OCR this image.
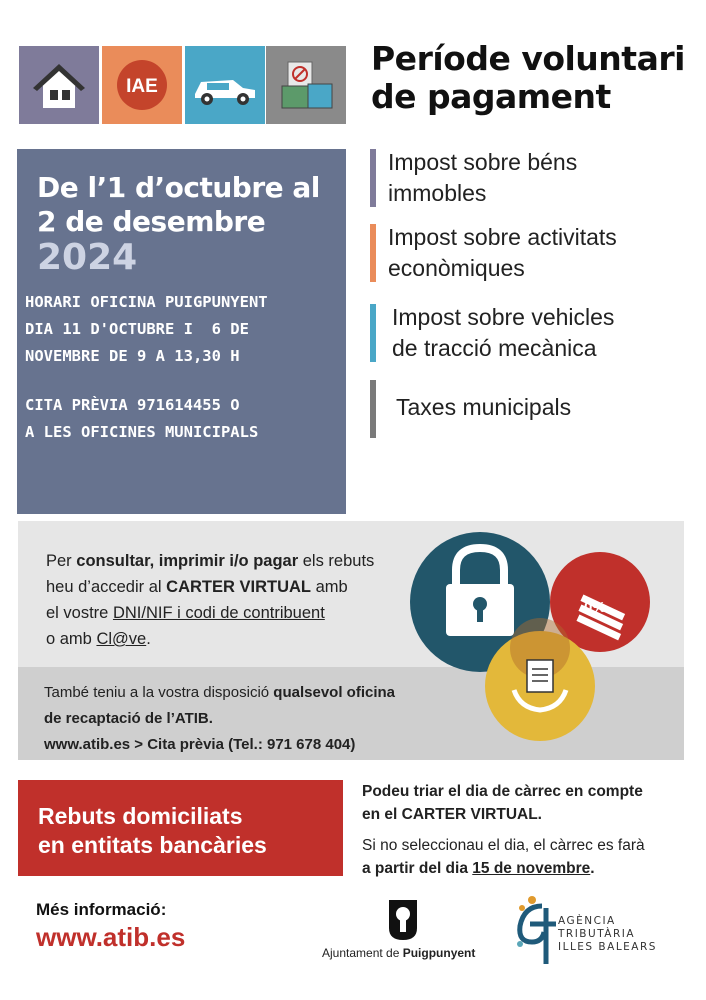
IAE
Període voluntari
de pagament
De l’1 d’octubre al
2 de desembre
2024
HORARI OFICINA PUIGPUNYENT
DIA 11 D'OCTUBRE I  6 DE
NOVEMBRE DE 9 A 13,30 H
CITA PRÈVIA 971614455 O
A LES OFICINES MUNICIPALS
Impost sobre béns
immobles
Impost sobre activitats
econòmiques
Impost sobre vehicles
de tracció mecànica
Taxes municipals
Per consultar, imprimir i/o pagar els rebuts
heu d’accedir al CARTER VIRTUAL amb
el vostre DNI/NIF i codi de contribuent
o amb Cl@ve.
També teniu a la vostra disposició qualsevol oficina
de recaptació de l’ATIB.
www.atib.es > Cita prèvia (Tel.: 971 678 404)
0%
Rebuts domiciliats
en entitats bancàries
Podeu triar el dia de càrrec en compte
en el CARTER VIRTUAL.
Si no seleccionau el dia, el càrrec es farà
a partir del dia 15 de novembre.
Més informació:
www.atib.es
Ajuntament de Puigpunyent
AGÈNCIA
TRIBUTÀRIA
ILLES BALEARS
